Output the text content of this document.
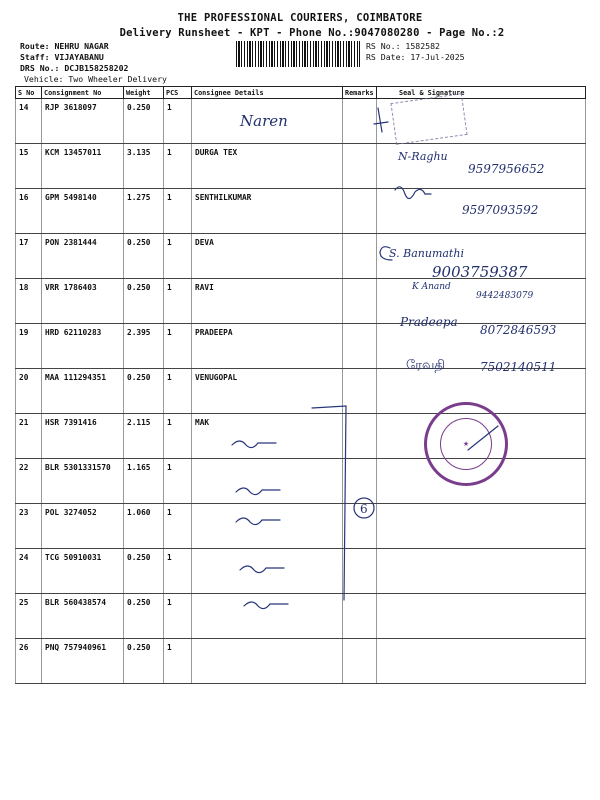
THE PROFESSIONAL COURIERS, COIMBATORE
Delivery Runsheet - KPT - Phone No.:9047080280 - Page No.:2
Route: NEHRU NAGAR
Staff: VIJAYABANU
DRS No.: DCJB158258202
Vehicle: Two Wheeler Delivery
RS No.: 1582582
RS Date: 17-Jul-2025
S No	Consignment No	Weight	PCS	Consignee Details	Remarks	Seal & Signature
14	RJP 3618097	0.250	1			
15	KCM 13457011	3.135	1	DURGA TEX		
16	GPM 5498140	1.275	1	SENTHILKUMAR		
17	PON 2381444	0.250	1	DEVA		
18	VRR 1786403	0.250	1	RAVI		
19	HRD 62110283	2.395	1	PRADEEPA		
20	MAA 111294351	0.250	1	VENUGOPAL		
21	HSR 7391416	2.115	1	MAK		
22	BLR 5301331570	1.165	1			
23	POL 3274052	1.060	1			
24	TCG 50910031	0.250	1			
25	BLR 560438574	0.250	1			
26	PNQ 757940961	0.250	1			
Naren
N-Raghu
9597956652
9597093592
S. Banumathi
9003759387
K Anand
9442483079
Pradeepa
8072846593
ரேவதி	7502140511
★
6
